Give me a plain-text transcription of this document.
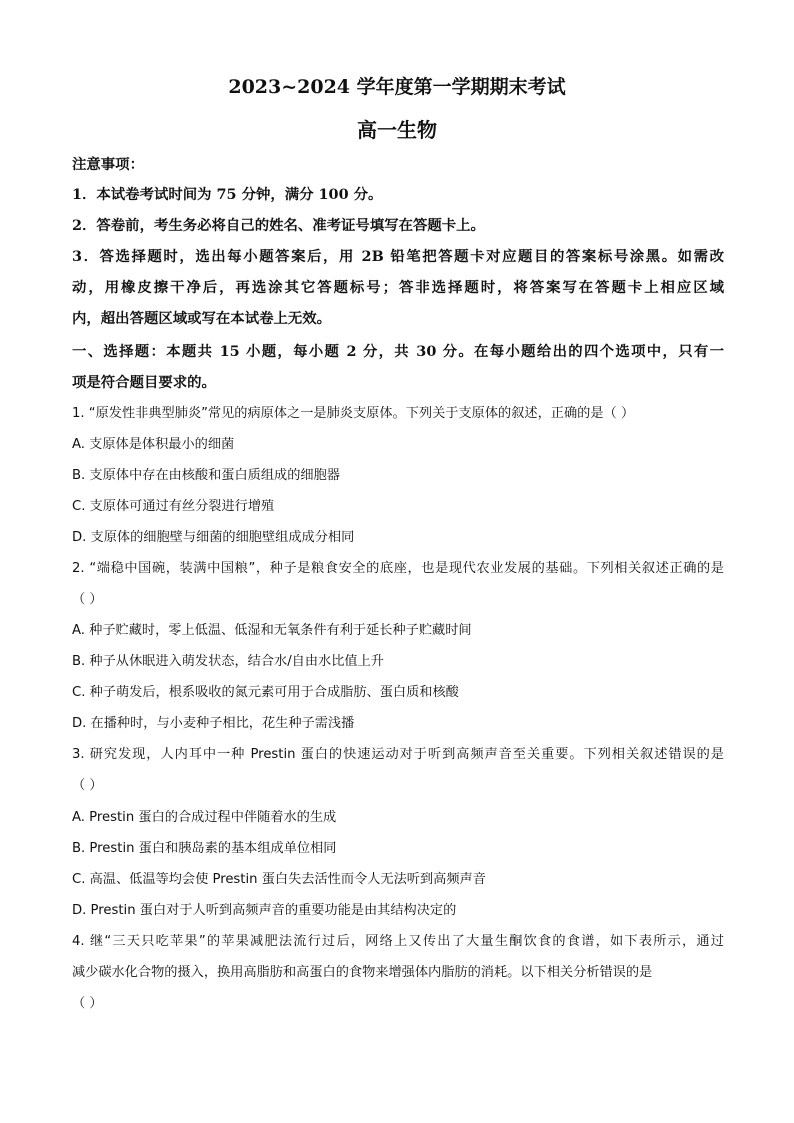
2023~2024 学年度第一学期期末考试
高一生物
注意事项：
1．本试卷考试时间为 75 分钟，满分 100 分。
2．答卷前，考生务必将自己的姓名、准考证号填写在答题卡上。
3．答选择题时，选出每小题答案后，用 2B 铅笔把答题卡对应题目的答案标号涂黑。如需改
动，用橡皮擦干净后，再选涂其它答题标号；答非选择题时，将答案写在答题卡上相应区域
内，超出答题区域或写在本试卷上无效。
一、选择题：本题共 15 小题，每小题 2 分，共 30 分。在每小题给出的四个选项中，只有一
项是符合题目要求的。
1. “原发性非典型肺炎”常见的病原体之一是肺炎支原体。下列关于支原体的叙述，正确的是（ ）
A. 支原体是体积最小的细菌
B. 支原体中存在由核酸和蛋白质组成的细胞器
C. 支原体可通过有丝分裂进行增殖
D. 支原体的细胞壁与细菌的细胞壁组成成分相同
2. “端稳中国碗，装满中国粮”，种子是粮食安全的底座，也是现代农业发展的基础。下列相关叙述正确的是
（ ）
A. 种子贮藏时，零上低温、低湿和无氧条件有利于延长种子贮藏时间
B. 种子从休眠进入萌发状态，结合水/自由水比值上升
C. 种子萌发后，根系吸收的氮元素可用于合成脂肪、蛋白质和核酸
D. 在播种时，与小麦种子相比，花生种子需浅播
3. 研究发现，人内耳中一种 Prestin 蛋白的快速运动对于听到高频声音至关重要。下列相关叙述错误的是
（ ）
A. Prestin 蛋白的合成过程中伴随着水的生成
B. Prestin 蛋白和胰岛素的基本组成单位相同
C. 高温、低温等均会使 Prestin 蛋白失去活性而令人无法听到高频声音
D. Prestin 蛋白对于人听到高频声音的重要功能是由其结构决定的
4. 继“三天只吃苹果”的苹果减肥法流行过后，网络上又传出了大量生酮饮食的食谱，如下表所示，通过
减少碳水化合物的摄入，换用高脂肪和高蛋白的食物来增强体内脂肪的消耗。以下相关分析错误的是
（ ）
